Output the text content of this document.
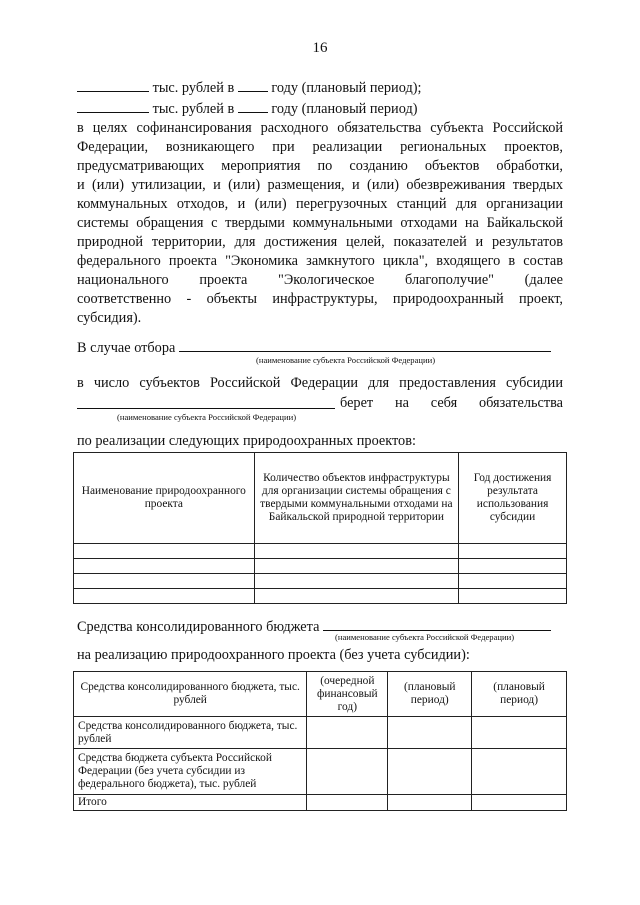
16
тыс. рублей в	году (плановый период);
тыс. рублей в	году (плановый период)
в целях софинансирования расходного обязательства субъекта Российской
Федерации, возникающего при реализации региональных проектов,
предусматривающих мероприятия по созданию объектов обработки,
и (или) утилизации, и (или) размещения, и (или) обезвреживания твердых
коммунальных отходов, и (или) перегрузочных станций для организации
системы обращения с твердыми коммунальными отходами на Байкальской
природной территории, для достижения целей, показателей и результатов
федерального проекта "Экономика замкнутого цикла", входящего в состав
национального проекта "Экологическое благополучие" (далее
соответственно - объекты инфраструктуры, природоохранный проект,
субсидия).
В случае отбора
(наименование субъекта Российской Федерации)
в число субъектов Российской Федерации для предоставления субсидии
берет на себя обязательства
(наименование субъекта Российской Федерации)
по реализации следующих природоохранных проектов:
Наименование природоохранного проекта	Количество объектов инфраструктуры для организации системы обращения с твердыми коммунальными отходами на Байкальской природной территории	Год достижения результата использования субсидии

Средства консолидированного бюджета
(наименование субъекта Российской Федерации)
на реализацию природоохранного проекта (без учета субсидии):
Средства консолидированного бюджета, тыс. рублей	(очередной финансовый год)	(плановый период)	(плановый период)
Средства консолидированного бюджета, тыс. рублей			
Средства бюджета субъекта Российской Федерации (без учета субсидии из федерального бюджета), тыс. рублей			
Итого			
